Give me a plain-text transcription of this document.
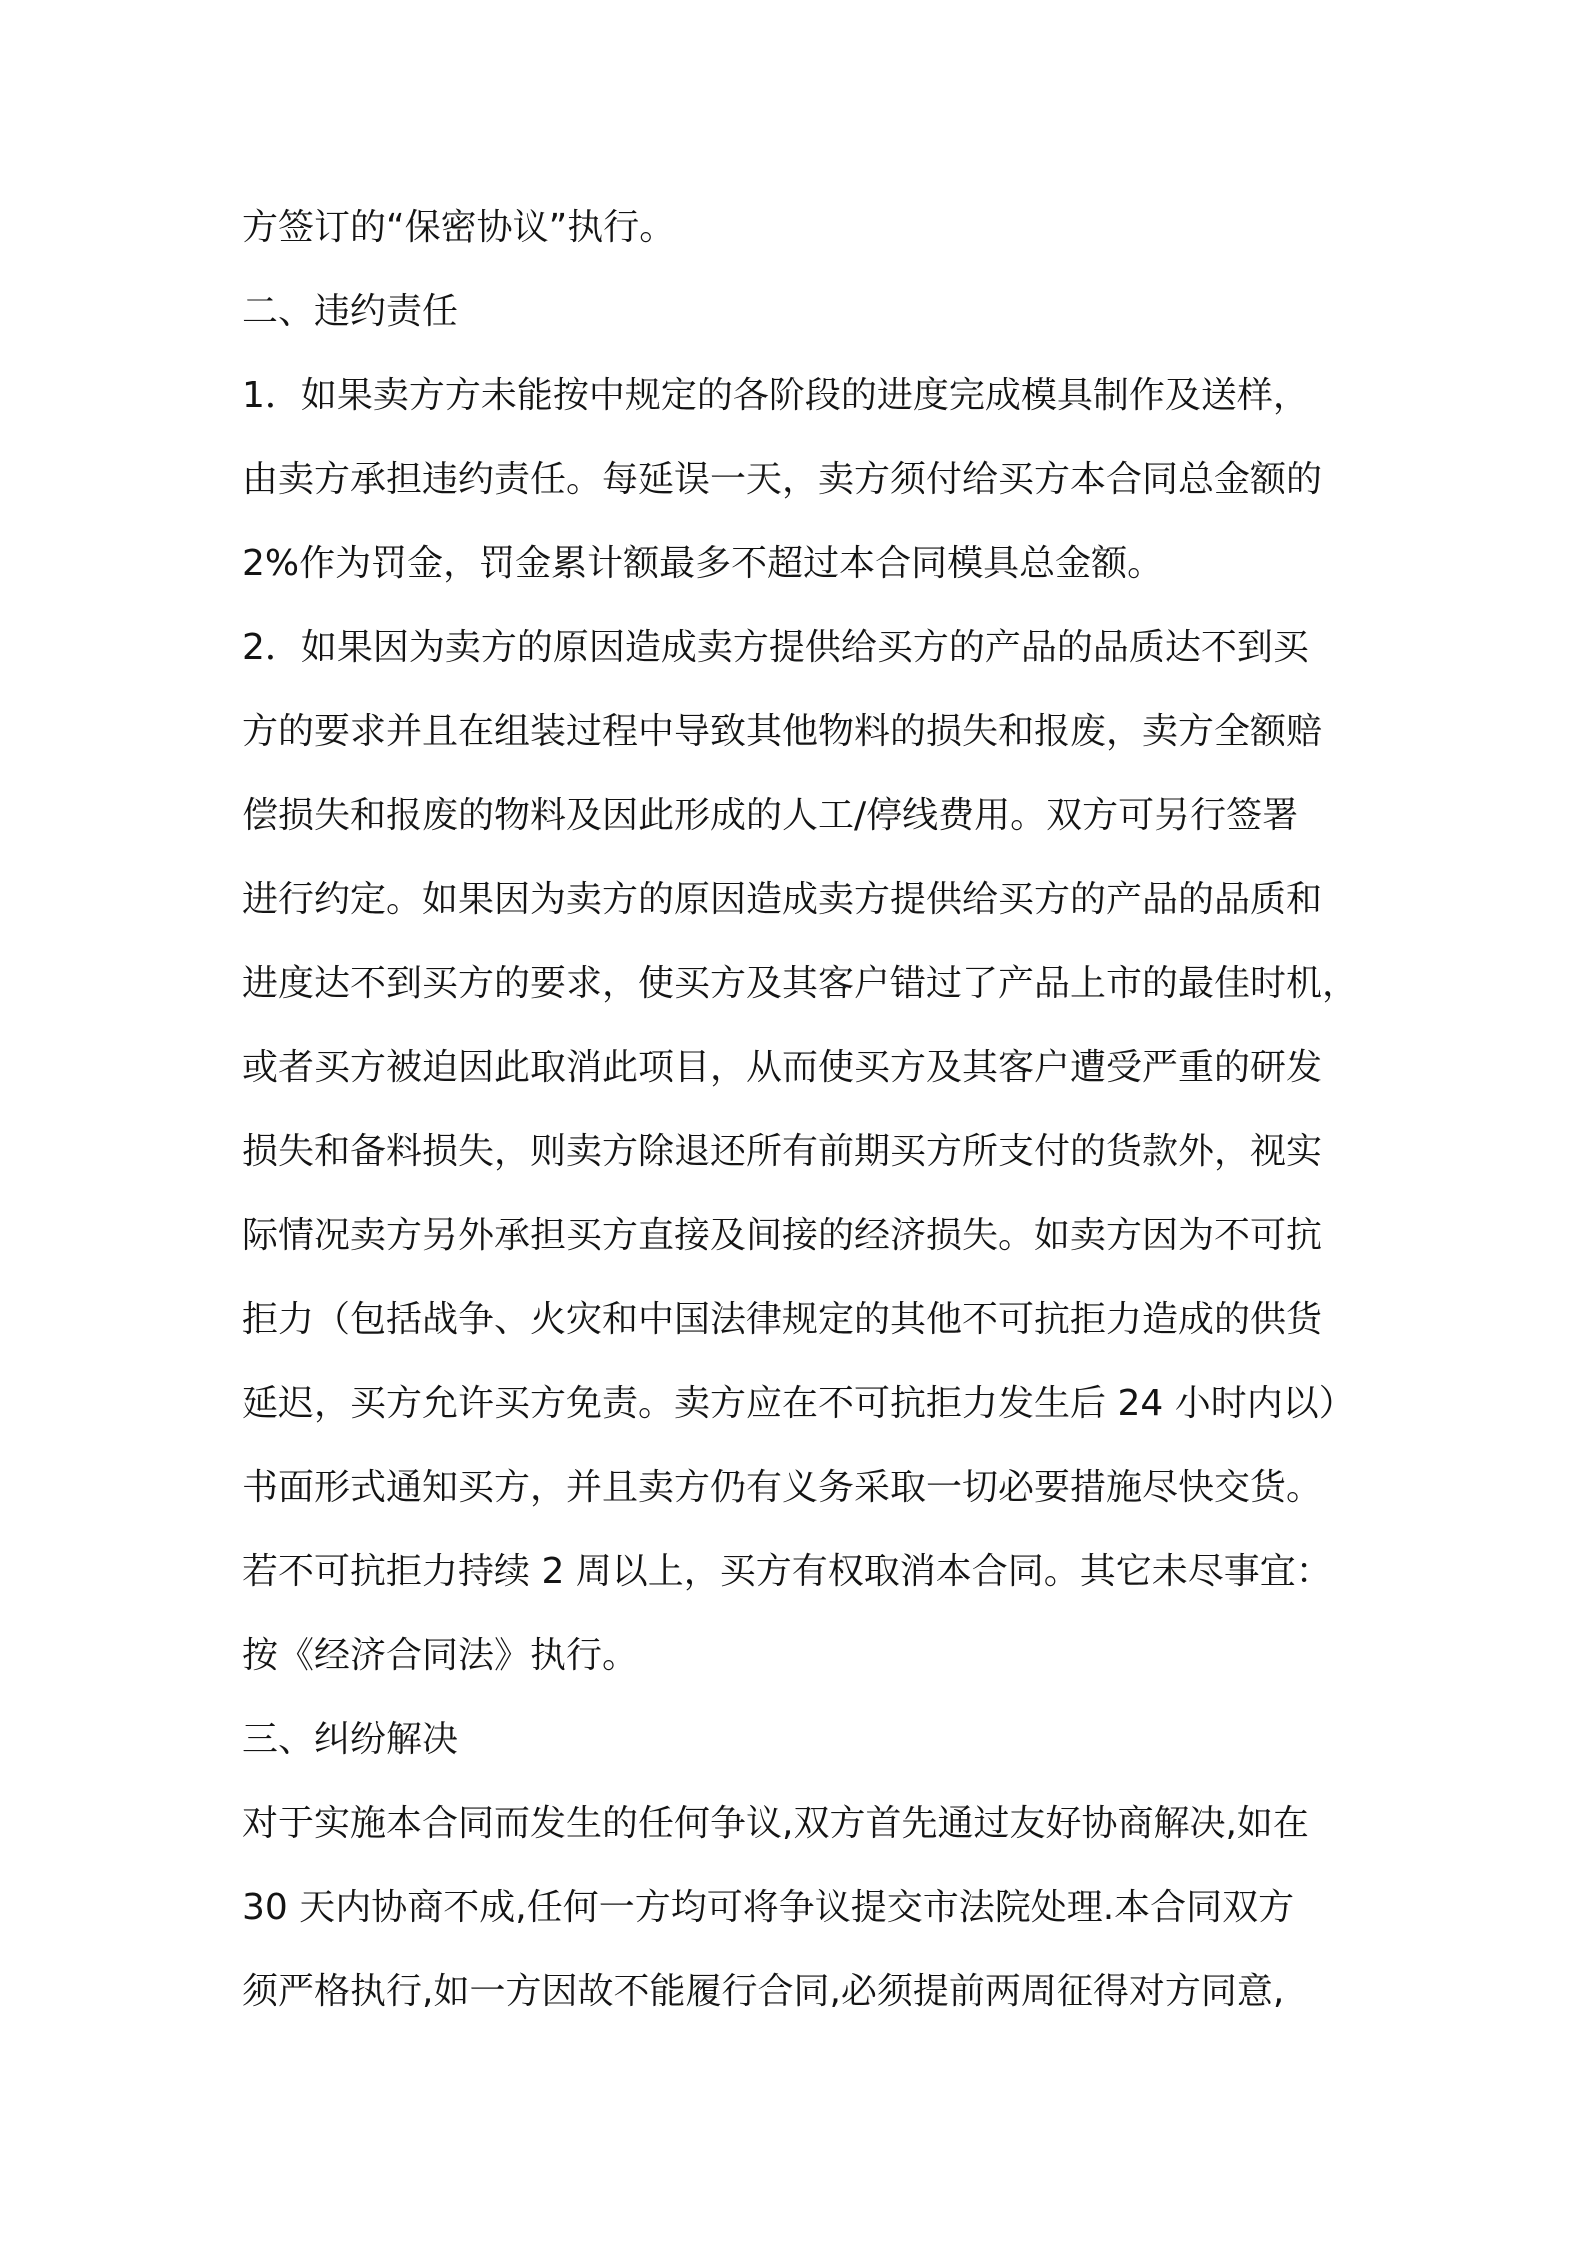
方签订的“保密协议”执行。
二、违约责任
1．如果卖方方未能按中规定的各阶段的进度完成模具制作及送样，
由卖方承担违约责任。每延误一天，卖方须付给买方本合同总金额的
2%作为罚金，罚金累计额最多不超过本合同模具总金额。
2．如果因为卖方的原因造成卖方提供给买方的产品的品质达不到买
方的要求并且在组装过程中导致其他物料的损失和报废，卖方全额赔
偿损失和报废的物料及因此形成的人工/停线费用。双方可另行签署
进行约定。如果因为卖方的原因造成卖方提供给买方的产品的品质和
进度达不到买方的要求，使买方及其客户错过了产品上市的最佳时机，
或者买方被迫因此取消此项目，从而使买方及其客户遭受严重的研发
损失和备料损失，则卖方除退还所有前期买方所支付的货款外，视实
际情况卖方另外承担买方直接及间接的经济损失。如卖方因为不可抗
拒力（包括战争、火灾和中国法律规定的其他不可抗拒力造成的供货
延迟，买方允许买方免责。卖方应在不可抗拒力发生后 24 小时内以）
书面形式通知买方，并且卖方仍有义务采取一切必要措施尽快交货。
若不可抗拒力持续 2 周以上，买方有权取消本合同。其它未尽事宜：
按《经济合同法》执行。
三、纠纷解决
对于实施本合同而发生的任何争议,双方首先通过友好协商解决,如在
30 天内协商不成,任何一方均可将争议提交市法院处理.本合同双方
须严格执行,如一方因故不能履行合同,必须提前两周征得对方同意,
